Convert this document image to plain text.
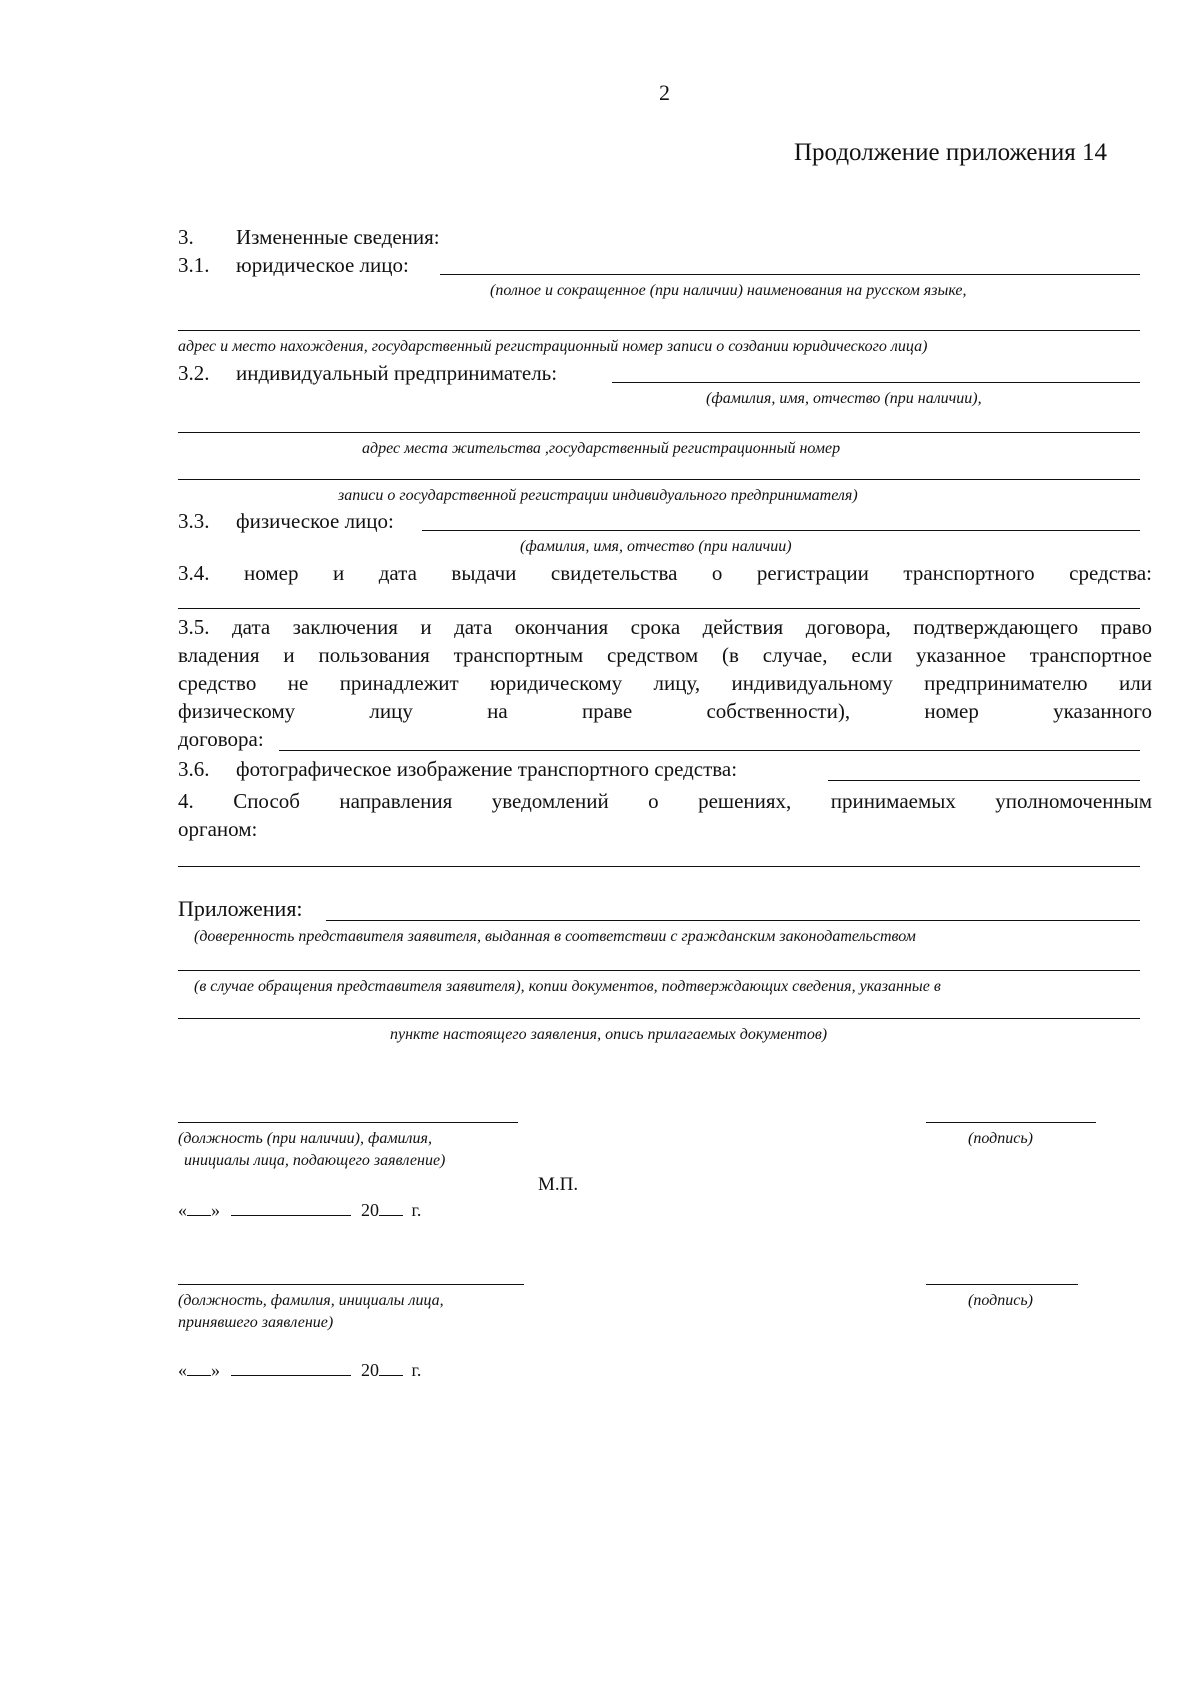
2
Продолжение приложения 14
3. Измененные сведения:
3.1. юридическое лицо:
(полное и сокращенное (при наличии) наименования на русском языке,
адрес и место нахождения, государственный регистрационный номер записи о создании юридического лица)
3.2. индивидуальный предприниматель:
(фамилия, имя, отчество (при наличии),
адрес места жительства ,государственный регистрационный номер
записи о государственной регистрации индивидуального предпринимателя)
3.3. физическое лицо:
(фамилия, имя, отчество (при наличии)
3.4. номер и дата выдачи свидетельства о регистрации транспортного средства:
3.5. дата заключения и дата окончания срока действия договора, подтверждающего право
владения и пользования транспортным средством (в случае, если указанное транспортное
средство не принадлежит юридическому лицу, индивидуальному предпринимателю или
физическому	лицу	на	праве	собственности),	номер	указанного
договора:
3.6. фотографическое изображение транспортного средства:
4. Способ направления уведомлений о решениях, принимаемых уполномоченным
органом:
Приложения:
(доверенность представителя заявителя, выданная в соответствии с гражданским законодательством
(в случае обращения представителя заявителя), копии документов, подтверждающих сведения, указанные в
пункте настоящего заявления, опись прилагаемых документов)
(должность (при наличии), фамилия,
инициалы лица, подающего заявление)
(подпись)
М.П.
« »	20 г.
(должность, фамилия, инициалы лица,
принявшего заявление)
(подпись)
« »	20 г.
